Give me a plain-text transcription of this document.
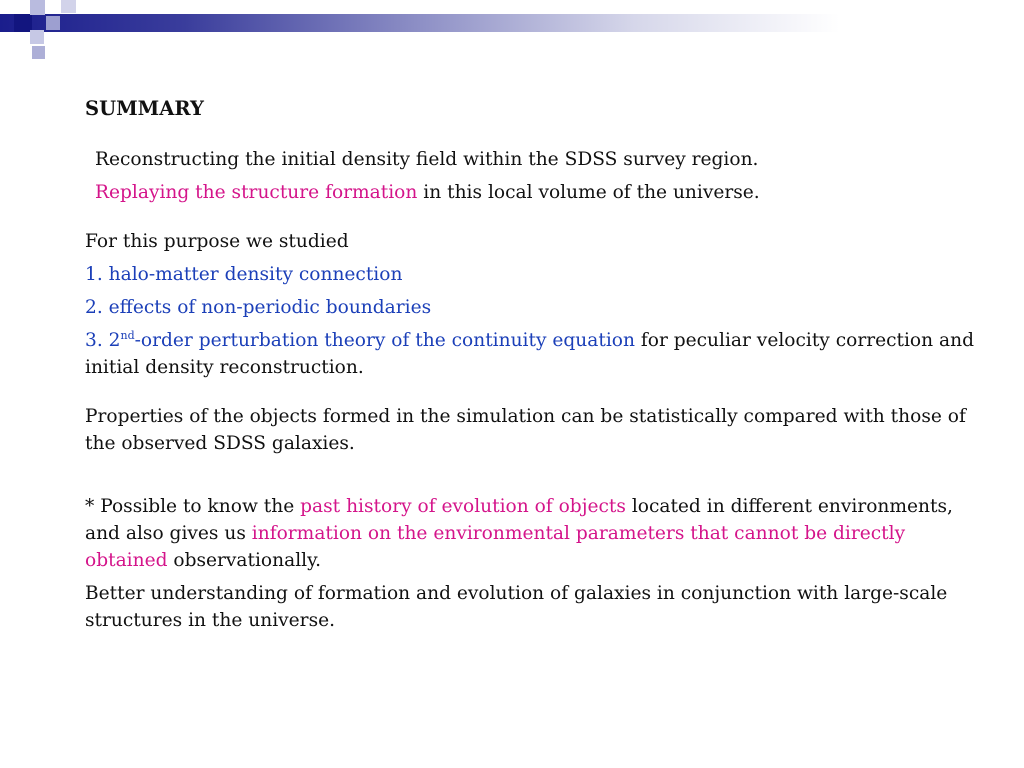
SUMMARY

Reconstructing the initial density field within the SDSS survey region.

Replaying the structure formation in this local volume of the universe.

For this purpose we studied

1. halo-matter density connection

2. effects of non-periodic boundaries

3. 2nd-order perturbation theory of the continuity equation for peculiar velocity correction and initial density reconstruction.

Properties of the objects formed in the simulation can be statistically compared with those of the observed SDSS galaxies.

* Possible to know the past history of evolution of objects located in different environments, and also gives us information on the environmental parameters that cannot be directly obtained observationally.

Better understanding of formation and evolution of galaxies in conjunction with large-scale structures in the universe.
